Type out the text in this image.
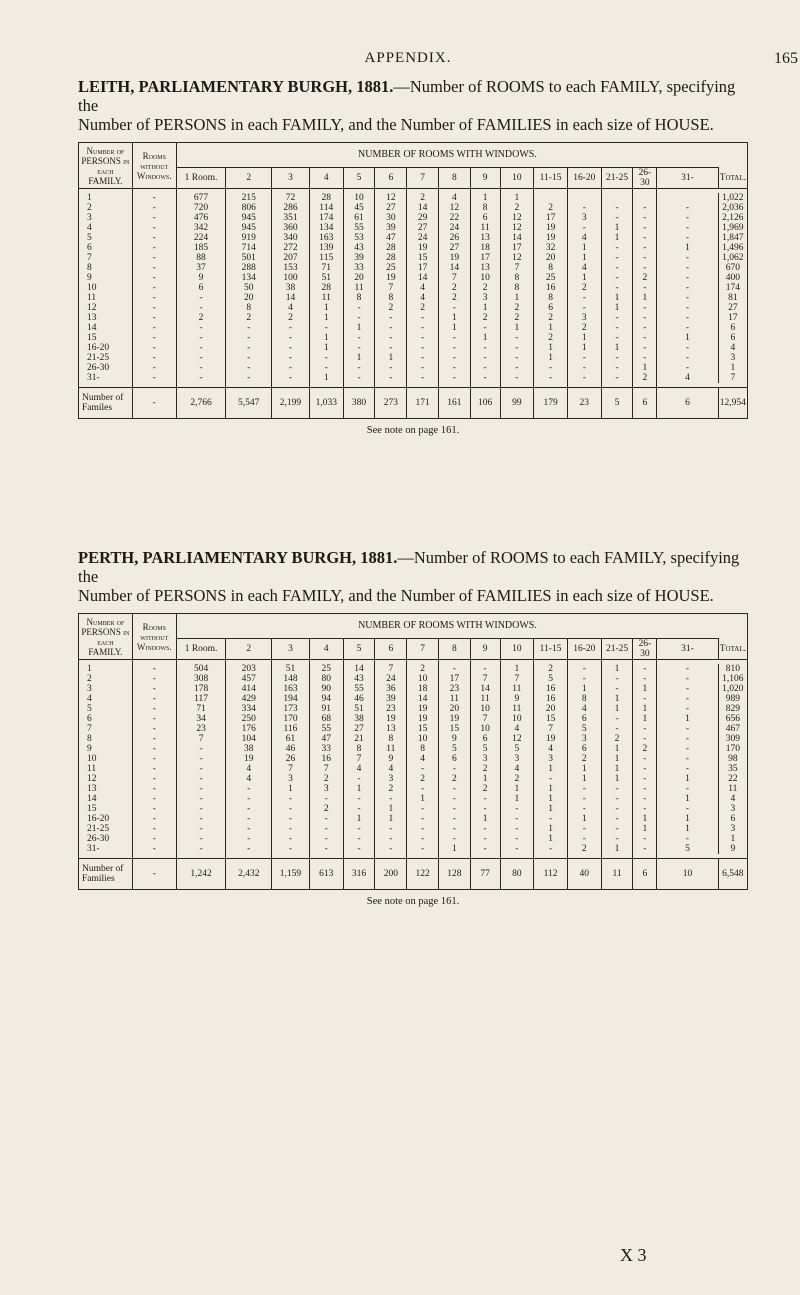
APPENDIX.	165
LEITH, PARLIAMENTARY BURGH, 1881.—Number of ROOMS to each FAMILY, specifying the
Number of PERSONS in each FAMILY, and the Number of FAMILIES in each size of HOUSE.
Number of PERSONS in each FAMILY.	Rooms without Windows.	NUMBER OF ROOMS WITH WINDOWS.															
		1 Room.	2	3	4	5	6	7	8	9	10	11-15	16-20	21-25	26-30	31-	Total.

1	-	677	215	72	28	10	12	2	4	1	1						1,022
2	-	720	806	286	114	45	27	14	12	8	2	2	-	-	-	-	2,036
3	-	476	945	351	174	61	30	29	22	6	12	17	3	-	-	-	2,126
4	-	342	945	360	134	55	39	27	24	11	12	19	-	1	-	-	1,969
5	-	224	919	340	163	53	47	24	26	13	14	19	4	1	-	-	1,847
6	-	185	714	272	139	43	28	19	27	18	17	32	1	-	-	1	1,496
7	-	88	501	207	115	39	28	15	19	17	12	20	1	-	-	-	1,062
8	-	37	288	153	71	33	25	17	14	13	7	8	4	-	-	-	670
9	-	9	134	100	51	20	19	14	7	10	8	25	1	-	2	-	400
10	-	6	50	38	28	11	7	4	2	2	8	16	2	-	-	-	174
11	-	-	20	14	11	8	8	4	2	3	1	8	-	1	1	-	81
12	-	-	8	4	1	-	2	2	-	1	2	6	-	1	-	-	27
13	-	2	2	2	1	-	-	-	1	2	2	2	3	-	-	-	17
14	-	-	-	-	-	1	-	-	1	-	1	1	2	-	-	-	6
15	-	-	-	-	1	-	-	-	-	1	-	2	1	-	-	1	6
16-20	-	-	-	-	1	-	-	-	-	-	-	1	1	1	-	-	4
21-25	-	-	-	-	-	1	1	-	-	-	-	1	-	-	-	-	3
26-30	-	-	-	-	-	-	-	-	-	-	-	-	-	-	1	-	1
31-	-	-	-	-	1	-	-	-	-	-	-	-	-	-	2	4	7

Number of Familes	-	2,766	5,547	2,199	1,033	380	273	171	161	106	99	179	23	5	6	6	12,954
See note on page 161.
PERTH, PARLIAMENTARY BURGH, 1881.—Number of ROOMS to each FAMILY, specifying the
Number of PERSONS in each FAMILY, and the Number of FAMILIES in each size of HOUSE.
Number of PERSONS in each FAMILY.	Rooms without Windows.	NUMBER OF ROOMS WITH WINDOWS.															
		1 Room.	2	3	4	5	6	7	8	9	10	11-15	16-20	21-25	26-30	31-	Total.

1	-	504	203	51	25	14	7	2	-	-	1	2	-	1	-	-	810
2	-	308	457	148	80	43	24	10	17	7	7	5	-	-	-	-	1,106
3	-	178	414	163	90	55	36	18	23	14	11	16	1	-	1	-	1,020
4	-	117	429	194	94	46	39	14	11	11	9	16	8	1	-	-	989
5	-	71	334	173	91	51	23	19	20	10	11	20	4	1	1	-	829
6	-	34	250	170	68	38	19	19	19	7	10	15	6	-	1	1	656
7	-	23	176	116	55	27	13	15	15	10	4	7	5	-	-	-	467
8	-	7	104	61	47	21	8	10	9	6	12	19	3	2	-	-	309
9	-	-	38	46	33	8	11	8	5	5	5	4	6	1	2	-	170
10	-	-	19	26	16	7	9	4	6	3	3	3	2	1	-	-	98
11	-	-	4	7	7	4	4	-	-	2	4	1	1	1	-	-	35
12	-	-	4	3	2	-	3	2	2	1	2	-	1	1	-	1	22
13	-	-	-	1	3	1	2	-	-	2	1	1	-	-	-	-	11
14	-	-	-	-	-	-	-	1	-	-	1	1	-	-	-	1	4
15	-	-	-	-	2	-	1	-	-	-	-	1	-	-	-	-	3
16-20	-	-	-	-	-	1	1	-	-	1	-	-	1	-	1	1	6
21-25	-	-	-	-	-	-	-	-	-	-	-	1	-	-	1	1	3
26-30	-	-	-	-	-	-	-	-	-	-	-	1	-	-	-	-	1
31-	-	-	-	-	-	-	-	-	1	-	-	-	2	1	-	5	9

Number of Families	-	1,242	2,432	1,159	613	316	200	122	128	77	80	112	40	11	6	10	6,548
See note on page 161.
X 3
